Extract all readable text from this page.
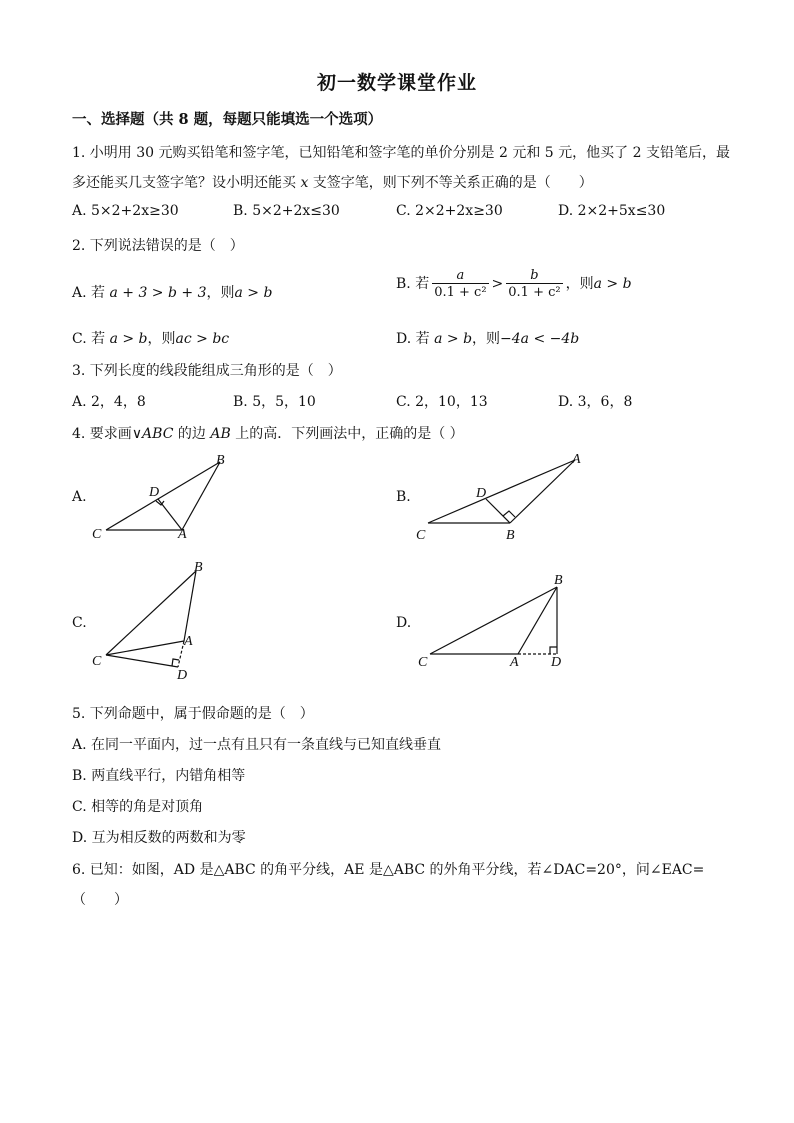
初一数学课堂作业
一、选择题（共 8 题，每题只能填选一个选项）
1. 小明用 30 元购买铅笔和签字笔，已知铅笔和签字笔的单价分别是 2 元和 5 元，他买了 2 支铅笔后，最
多还能买几支签字笔？设小明还能买 x 支签字笔，则下列不等关系正确的是（　　）
A. 5×2+2x≥30	B. 5×2+2x≤30	C. 2×2+2x≥30	D. 2×2+5x≤30
2. 下列说法错误的是（　）
A. 若 a + 3 > b + 3，则a > b
B. 若 $\frac{a}{\text{0.1 + c²}} > \frac{b}{\text{0.1 + c²}}$ ，则a > b
C. 若 a > b，则ac > bc	D. 若 a > b，则−4a < −4b
3. 下列长度的线段能组成三角形的是（　）
A. 2，4，8	B. 5，5，10	C. 2，10，13	D. 3，6，8
4. 要求画∨ABC 的边 AB 上的高．下列画法中，正确的是（ ）
A.	B.
C.	D.
B
D
C	A
A
D
C	B
B
A
C
D
B
C	A D
5. 下列命题中，属于假命题的是（　）
A. 在同一平面内，过一点有且只有一条直线与已知直线垂直
B. 两直线平行，内错角相等
C. 相等的角是对顶角
D. 互为相反数的两数和为零
6. 已知：如图，AD 是△ABC 的角平分线，AE 是△ABC 的外角平分线，若∠DAC=20°，问∠EAC=
（　　）
